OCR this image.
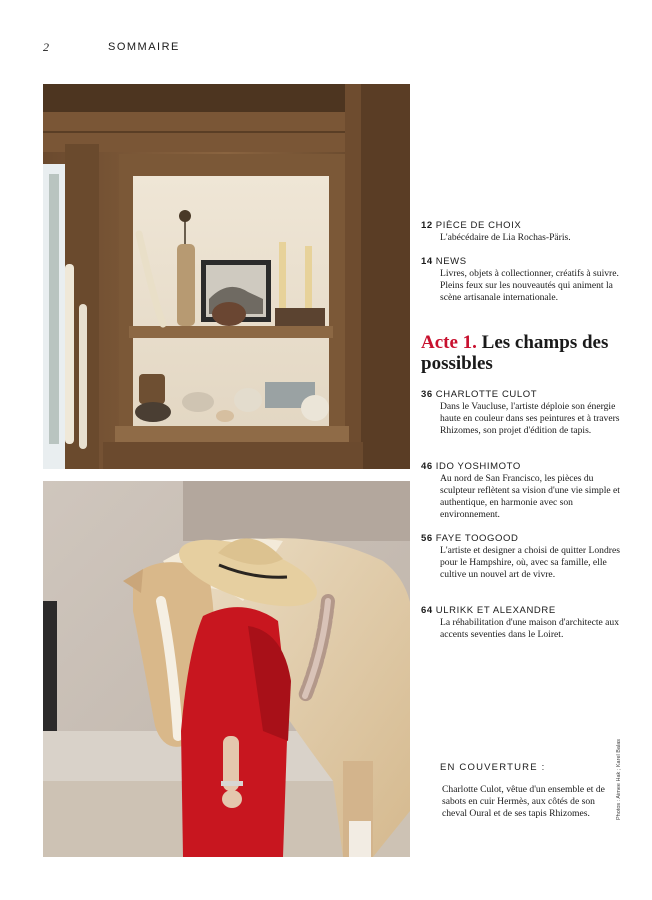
2	SOMMAIRE
12 PIÈCE DE CHOIX
L'abécédaire de Lia Rochas-Päris.
14 NEWS
Livres, objets à collectionner, créatifs à suivre. Pleins feux sur les nouveautés qui animent la scène artisanale internationale.
Acte 1. Les champs des possibles
36 CHARLOTTE CULOT
Dans le Vaucluse, l'artiste déploie son énergie haute en couleur dans ses peintures et à travers Rhizomes, son projet d'édition de tapis.
46 IDO YOSHIMOTO
Au nord de San Francisco, les pièces du sculpteur reflètent sa vision d'une vie simple et authentique, en harmonie avec son environnement.
56 FAYE TOOGOOD
L'artiste et designer a choisi de quitter Londres pour le Hampshire, où, avec sa famille, elle cultive un nouvel art de vivre.
64 ULRIKK ET ALEXANDRE
La réhabilitation d'une maison d'architecte aux accents seventies dans le Loiret.
EN COUVERTURE :
Charlotte Culot, vêtue d'un ensemble et de sabots en cuir Hermès, aux côtés de son cheval Oural et de ses tapis Rhizomes.	Photos : Aimee Hak ; Karel Balas
